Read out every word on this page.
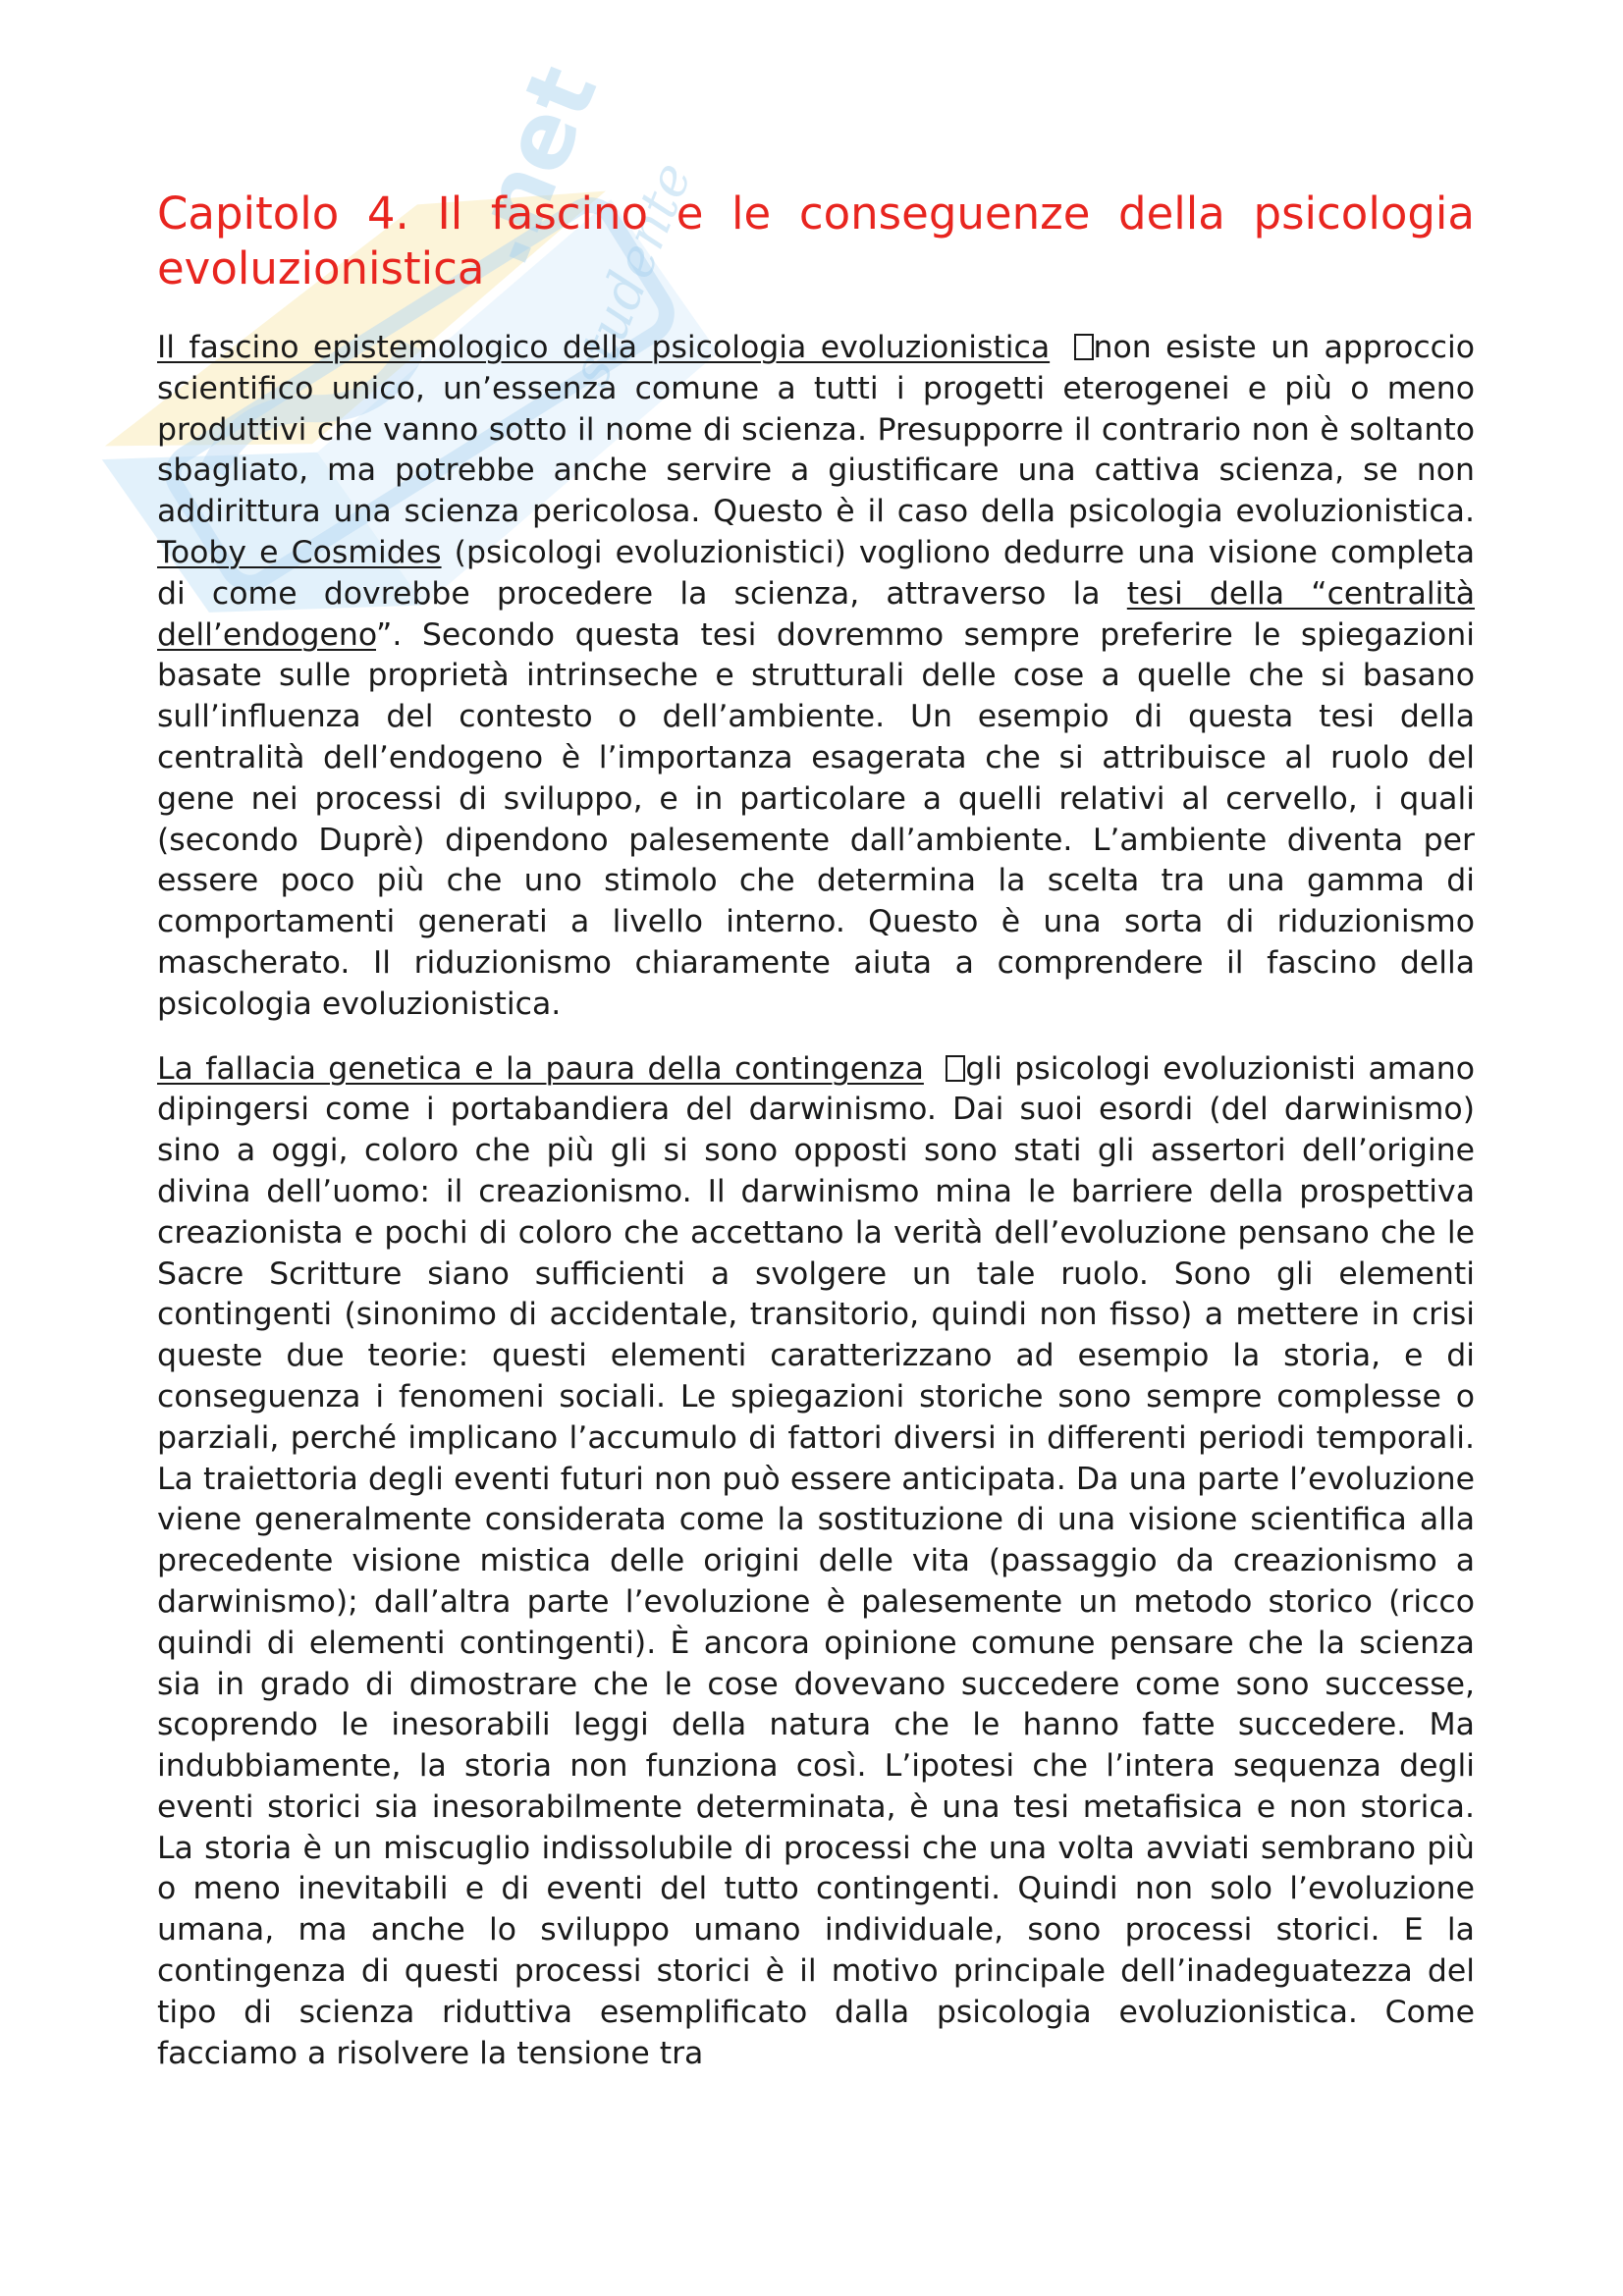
.net
studente
Capitolo 4. Il fascino e le conseguenze della psicologia evoluzionistica

Il fascino epistemologico della psicologia evoluzionistica non esiste un approccio scientifico unico, un’essenza comune a tutti i progetti eterogenei e più o meno produttivi che vanno sotto il nome di scienza. Presupporre il contrario non è soltanto sbagliato, ma potrebbe anche servire a giustificare una cattiva scienza, se non addirittura una scienza pericolosa. Questo è il caso della psicologia evoluzionistica. Tooby e Cosmides (psicologi evoluzionistici) vogliono dedurre una visione completa di come dovrebbe procedere la scienza, attraverso la tesi della “centralità dell’endogeno”. Secondo questa tesi dovremmo sempre preferire le spiegazioni basate sulle proprietà intrinseche e strutturali delle cose a quelle che si basano sull’influenza del contesto o dell’ambiente. Un esempio di questa tesi della centralità dell’endogeno è l’importanza esagerata che si attribuisce al ruolo del gene nei processi di sviluppo, e in particolare a quelli relativi al cervello, i quali (secondo Duprè) dipendono palesemente dall’ambiente. L’ambiente diventa per essere poco più che uno stimolo che determina la scelta tra una gamma di comportamenti generati a livello interno. Questo è una sorta di riduzionismo mascherato. Il riduzionismo chiaramente aiuta a comprendere il fascino della psicologia evoluzionistica.

La fallacia genetica e la paura della contingenza gli psicologi evoluzionisti amano dipingersi come i portabandiera del darwinismo. Dai suoi esordi (del darwinismo) sino a oggi, coloro che più gli si sono opposti sono stati gli assertori dell’origine divina dell’uomo: il creazionismo. Il darwinismo mina le barriere della prospettiva creazionista e pochi di coloro che accettano la verità dell’evoluzione pensano che le Sacre Scritture siano sufficienti a svolgere un tale ruolo. Sono gli elementi contingenti (sinonimo di accidentale, transitorio, quindi non fisso) a mettere in crisi queste due teorie: questi elementi caratterizzano ad esempio la storia, e di conseguenza i fenomeni sociali. Le spiegazioni storiche sono sempre complesse o parziali, perché implicano l’accumulo di fattori diversi in differenti periodi temporali. La traiettoria degli eventi futuri non può essere anticipata. Da una parte l’evoluzione viene generalmente considerata come la sostituzione di una visione scientifica alla precedente visione mistica delle origini delle vita (passaggio da creazionismo a darwinismo); dall’altra parte l’evoluzione è palesemente un metodo storico (ricco quindi di elementi contingenti). È ancora opinione comune pensare che la scienza sia in grado di dimostrare che le cose dovevano succedere come sono successe, scoprendo le inesorabili leggi della natura che le hanno fatte succedere. Ma indubbiamente, la storia non funziona così. L’ipotesi che l’intera sequenza degli eventi storici sia inesorabilmente determinata, è una tesi metafisica e non storica. La storia è un miscuglio indissolubile di processi che una volta avviati sembrano più o meno inevitabili e di eventi del tutto contingenti. Quindi non solo l’evoluzione umana, ma anche lo sviluppo umano individuale, sono processi storici. E la contingenza di questi processi storici è il motivo principale dell’inadeguatezza del tipo di scienza riduttiva esemplificato dalla psicologia evoluzionistica. Come facciamo a risolvere la tensione tra
